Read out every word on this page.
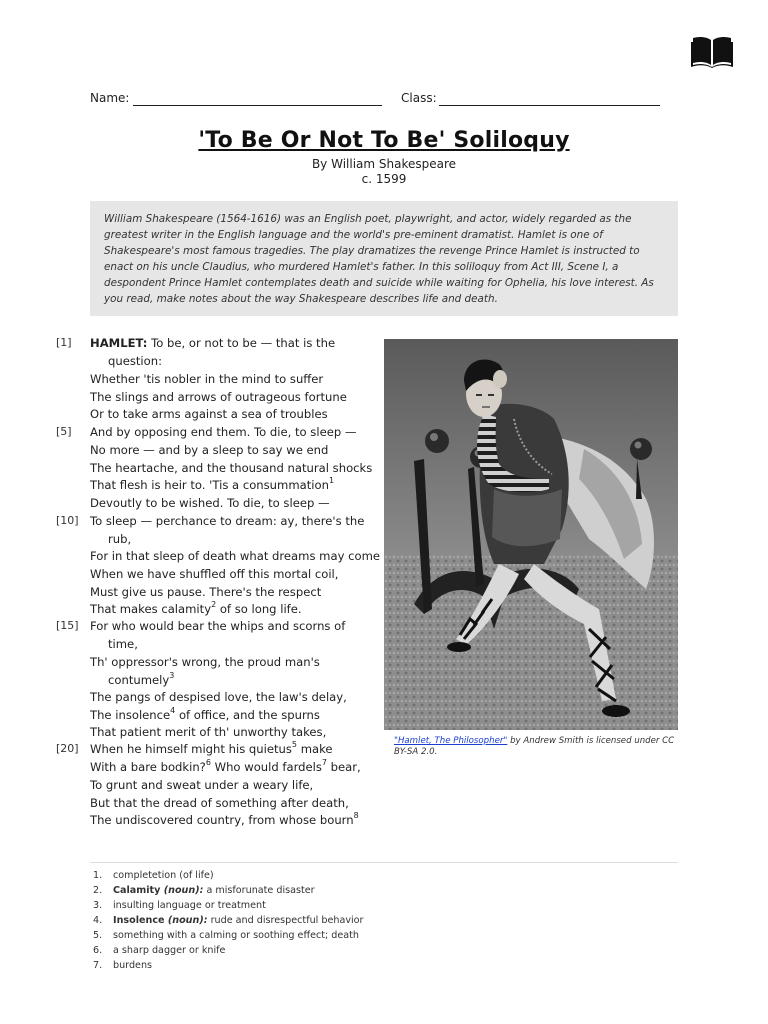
Name:	Class:
'To Be Or Not To Be' Soliloquy
By William Shakespeare
c. 1599

William Shakespeare (1564-1616) was an English poet, playwright, and actor, widely regarded as the greatest writer in the English language and the world's pre-eminent dramatist. Hamlet is one of Shakespeare's most famous tragedies. The play dramatizes the revenge Prince Hamlet is instructed to enact on his uncle Claudius, who murdered Hamlet's father. In this soliloquy from Act III, Scene I, a despondent Prince Hamlet contemplates death and suicide while waiting for Ophelia, his love interest. As you read, make notes about the way Shakespeare describes life and death.

[1]
[5]
[10]
[15]
[20]
HAMLET: To be, or not to be — that is the
question:
Whether 'tis nobler in the mind to suffer
The slings and arrows of outrageous fortune
Or to take arms against a sea of troubles
And by opposing end them. To die, to sleep —
No more — and by a sleep to say we end
The heartache, and the thousand natural shocks
That flesh is heir to. 'Tis a consummation$^1$
Devoutly to be wished. To die, to sleep —
To sleep — perchance to dream: ay, there's the
rub,
For in that sleep of death what dreams may come
When we have shuffled off this mortal coil,
Must give us pause. There's the respect
That makes calamity$^2$ of so long life.
For who would bear the whips and scorns of
time,
Th' oppressor's wrong, the proud man's
contumely$^3$
The pangs of despised love, the law's delay,
The insolence$^4$ of office, and the spurns
That patient merit of th' unworthy takes,
When he himself might his quietus$^5$ make
With a bare bodkin?$^6$ Who would fardels$^7$ bear,
To grunt and sweat under a weary life,
But that the dread of something after death,
The undiscovered country, from whose bourn$^8$
"Hamlet, The Philosopher" by Andrew Smith is licensed under CC BY-SA 2.0.
1. completetion (of life)
2. Calamity (noun): a misforunate disaster
3. insulting language or treatment
4. Insolence (noun): rude and disrespectful behavior
5. something with a calming or soothing effect; death
6. a sharp dagger or knife
7. burdens
